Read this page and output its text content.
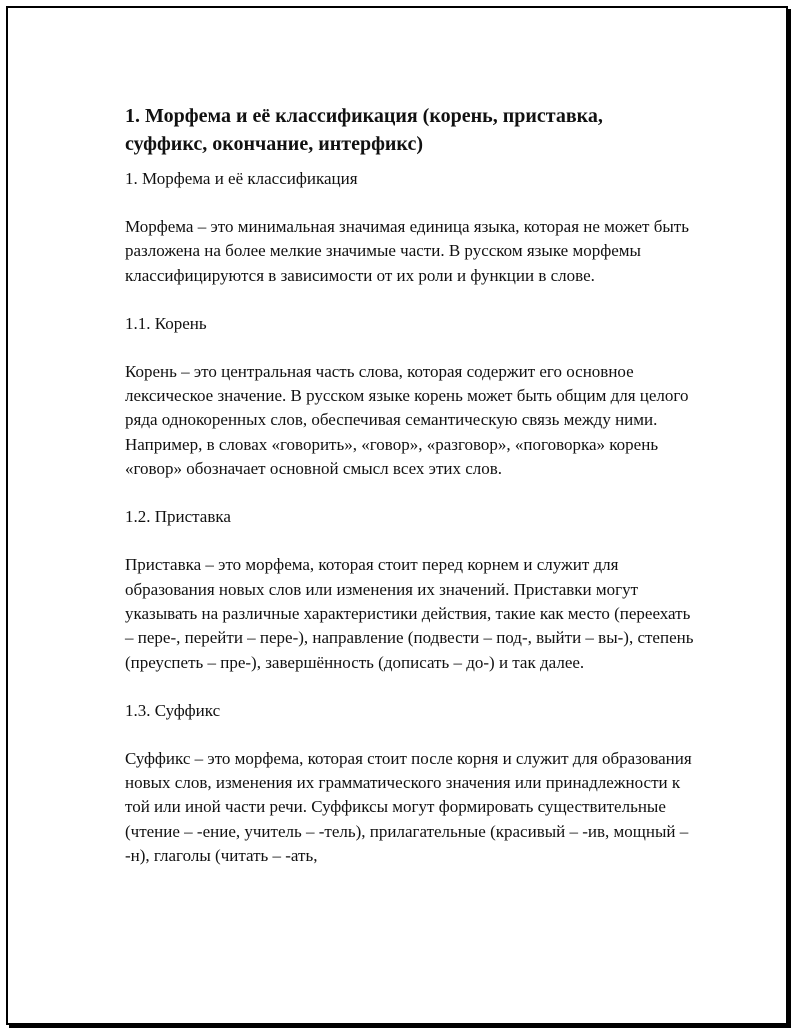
1. Морфема и её классификация (корень, приставка, суффикс, окончание, интерфикс)

1. Морфема и её классификация

Морфема – это минимальная значимая единица языка, которая не может быть разложена на более мелкие значимые части. В русском языке морфемы классифицируются в зависимости от их роли и функции в слове.

1.1. Корень

Корень – это центральная часть слова, которая содержит его основное лексическое значение. В русском языке корень может быть общим для целого ряда однокоренных слов, обеспечивая семантическую связь между ними. Например, в словах «говорить», «говор», «разговор», «поговорка» корень «говор» обозначает основной смысл всех этих слов.

1.2. Приставка

Приставка – это морфема, которая стоит перед корнем и служит для образования новых слов или изменения их значений. Приставки могут указывать на различные характеристики действия, такие как место (переехать – пере-, перейти – пере-), направление (подвести – под-, выйти – вы-), степень (преуспеть – пре-), завершённость (дописать – до-) и так далее.

1.3. Суффикс

Суффикс – это морфема, которая стоит после корня и служит для образования новых слов, изменения их грамматического значения или принадлежности к той или иной части речи. Суффиксы могут формировать существительные (чтение – -ение, учитель – -тель), прилагательные (красивый – -ив, мощный – -н), глаголы (читать – -ать,
